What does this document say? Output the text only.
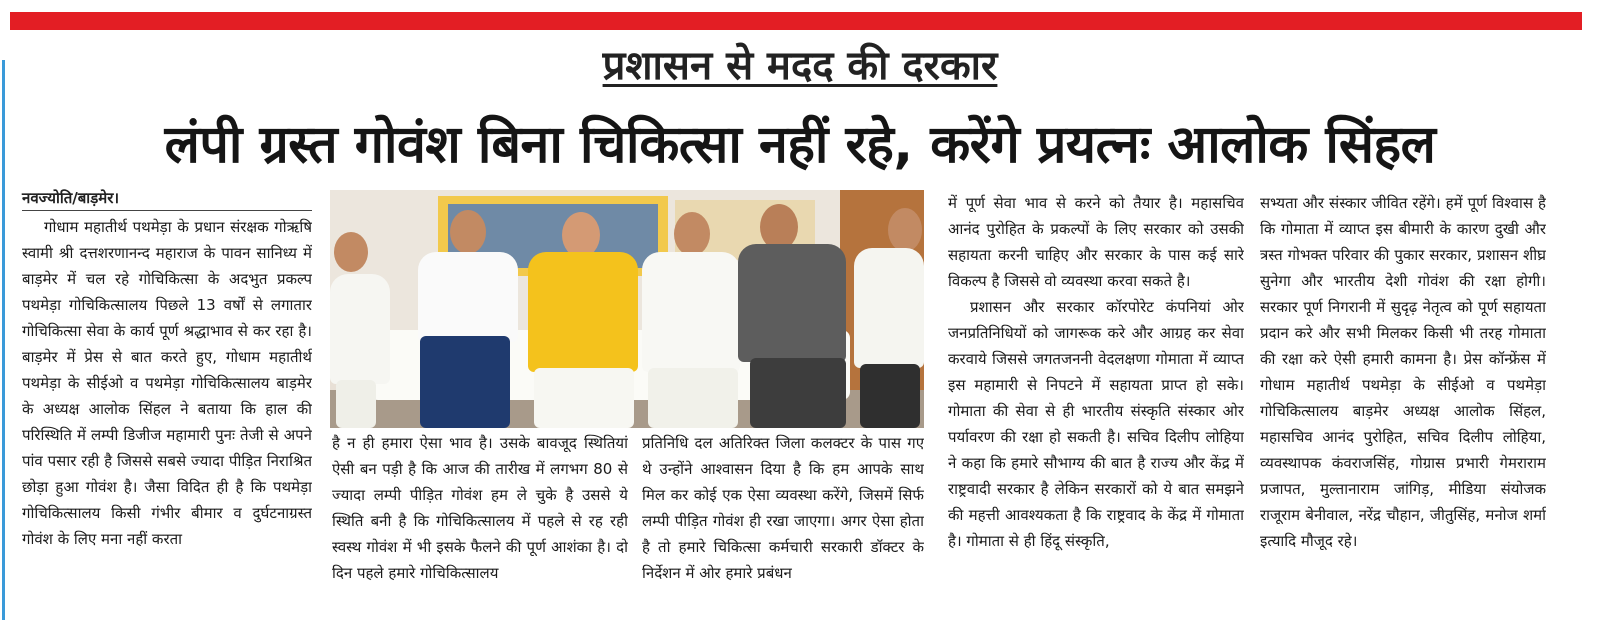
प्रशासन से मदद की दरकार
लंपी ग्रस्त गोवंश बिना चिकित्सा नहीं रहे, करेंगे प्रयत्नः आलोक सिंहल
नवज्योति/बाड़मेर।

गोधाम महातीर्थ पथमेड़ा के प्रधान संरक्षक गोऋषि स्वामी श्री दत्तशरणानन्द महाराज के पावन सानिध्य में बाड़मेर में चल रहे गोचिकित्सा के अदभुत प्रकल्प पथमेड़ा गोचिकित्सालय पिछले 13 वर्षों से लगातार गोचिकित्सा सेवा के कार्य पूर्ण श्रद्धाभाव से कर रहा है। बाड़मेर में प्रेस से बात करते हुए, गोधाम महातीर्थ पथमेड़ा के सीईओ व पथमेड़ा गोचिकित्सालय बाड़मेर के अध्यक्ष आलोक सिंहल ने बताया कि हाल की परिस्थिति में लम्पी डिजीज महामारी पुनः तेजी से अपने पांव पसार रही है जिससे सबसे ज्यादा पीड़ित निराश्रित छोड़ा हुआ गोवंश है। जैसा विदित ही है कि पथमेड़ा गोचिकित्सालय किसी गंभीर बीमार व दुर्घटनाग्रस्त गोवंश के लिए मना नहीं करता

है न ही हमारा ऐसा भाव है। उसके बावजूद स्थितियां ऐसी बन पड़ी है कि आज की तारीख में लगभग 80 से ज्यादा लम्पी पीड़ित गोवंश हम ले चुके है उससे ये स्थिति बनी है कि गोचिकित्सालय में पहले से रह रही स्वस्थ गोवंश में भी इसके फैलने की पूर्ण आशंका है। दो दिन पहले हमारे गोचिकित्सालय

प्रतिनिधि दल अतिरिक्त जिला कलक्टर के पास गए थे उन्होंने आश्वासन दिया है कि हम आपके साथ मिल कर कोई एक ऐसा व्यवस्था करेंगे, जिसमें सिर्फ लम्पी पीड़ित गोवंश ही रखा जाएगा। अगर ऐसा होता है तो हमारे चिकित्सा कर्मचारी सरकारी डॉक्टर के निर्देशन में ओर हमारे प्रबंधन

में पूर्ण सेवा भाव से करने को तैयार है। महासचिव आनंद पुरोहित के प्रकल्पों के लिए सरकार को उसकी सहायता करनी चाहिए और सरकार के पास कई सारे विकल्प है जिससे वो व्यवस्था करवा सकते है।

प्रशासन और सरकार कॉरपोरेट कंपनियां ओर जनप्रतिनिधियों को जागरूक करे और आग्रह कर सेवा करवाये जिससे जगतजननी वेदलक्षणा गोमाता में व्याप्त इस महामारी से निपटने में सहायता प्राप्त हो सके। गोमाता की सेवा से ही भारतीय संस्कृति संस्कार ओर पर्यावरण की रक्षा हो सकती है। सचिव दिलीप लोहिया ने कहा कि हमारे सौभाग्य की बात है राज्य और केंद्र में राष्ट्रवादी सरकार है लेकिन सरकारों को ये बात समझने की महत्ती आवश्यकता है कि राष्ट्रवाद के केंद्र में गोमाता है। गोमाता से ही हिंदू संस्कृति,

सभ्यता और संस्कार जीवित रहेंगे। हमें पूर्ण विश्वास है कि गोमाता में व्याप्त इस बीमारी के कारण दुखी और त्रस्त गोभक्त परिवार की पुकार सरकार, प्रशासन शीघ्र सुनेगा और भारतीय देशी गोवंश की रक्षा होगी। सरकार पूर्ण निगरानी में सुदृढ़ नेतृत्व को पूर्ण सहायता प्रदान करे और सभी मिलकर किसी भी तरह गोमाता की रक्षा करे ऐसी हमारी कामना है। प्रेस कॉन्फ्रेंस में गोधाम महातीर्थ पथमेड़ा के सीईओ व पथमेड़ा गोचिकित्सालय बाड़मेर अध्यक्ष आलोक सिंहल, महासचिव आनंद पुरोहित, सचिव दिलीप लोहिया, व्यवस्थापक कंवराजसिंह, गोग्रास प्रभारी गेमराराम प्रजापत, मुल्तानाराम जांगिड़, मीडिया संयोजक राजूराम बेनीवाल, नरेंद्र चौहान, जीतुसिंह, मनोज शर्मा इत्यादि मौजूद रहे।
